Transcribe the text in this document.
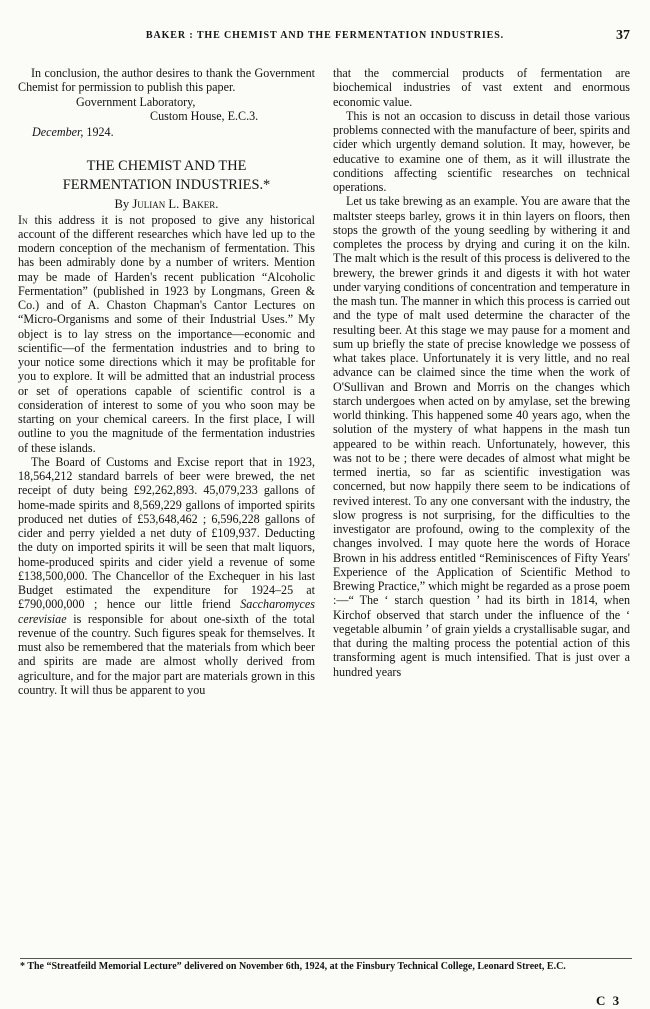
BAKER : THE CHEMIST AND THE FERMENTATION INDUSTRIES.	37

In conclusion, the author desires to thank the Government Chemist for permission to publish this paper.

Government Laboratory,
Custom House, E.C.3.
December, 1924.
THE CHEMIST AND THE
FERMENTATION INDUSTRIES.*
By Julian L. Baker.

In this address it is not proposed to give any historical account of the different researches which have led up to the modern conception of the mechanism of fermentation. This has been admirably done by a number of writers. Mention may be made of Harden's recent publication “Alcoholic Fermentation” (published in 1923 by Longmans, Green & Co.) and of A. Chaston Chapman's Cantor Lectures on “Micro-Organisms and some of their Industrial Uses.” My object is to lay stress on the importance—economic and scientific—of the fermentation industries and to bring to your notice some directions which it may be profitable for you to explore. It will be admitted that an industrial process or set of operations capable of scientific control is a consideration of interest to some of you who soon may be starting on your chemical careers. In the first place, I will outline to you the magnitude of the fermentation industries of these islands.

The Board of Customs and Excise report that in 1923, 18,564,212 standard barrels of beer were brewed, the net receipt of duty being £92,262,893. 45,079,233 gallons of home-made spirits and 8,569,229 gallons of imported spirits produced net duties of £53,648,462 ; 6,596,228 gallons of cider and perry yielded a net duty of £109,937. Deducting the duty on imported spirits it will be seen that malt liquors, home-produced spirits and cider yield a revenue of some £138,500,000. The Chancellor of the Exchequer in his last Budget estimated the expenditure for 1924–25 at £790,000,000 ; hence our little friend Saccharomyces cerevisiae is responsible for about one-sixth of the total revenue of the country. Such figures speak for themselves. It must also be remembered that the materials from which beer and spirits are made are almost wholly derived from agriculture, and for the major part are materials grown in this country. It will thus be apparent to you

that the commercial products of fermentation are biochemical industries of vast extent and enormous economic value.

This is not an occasion to discuss in detail those various problems connected with the manufacture of beer, spirits and cider which urgently demand solution. It may, however, be educative to examine one of them, as it will illustrate the conditions affecting scientific researches on technical operations.

Let us take brewing as an example. You are aware that the maltster steeps barley, grows it in thin layers on floors, then stops the growth of the young seedling by withering it and completes the process by drying and curing it on the kiln. The malt which is the result of this process is delivered to the brewery, the brewer grinds it and digests it with hot water under varying conditions of concentration and temperature in the mash tun. The manner in which this process is carried out and the type of malt used determine the character of the resulting beer. At this stage we may pause for a moment and sum up briefly the state of precise knowledge we possess of what takes place. Unfortunately it is very little, and no real advance can be claimed since the time when the work of O'Sullivan and Brown and Morris on the changes which starch undergoes when acted on by amylase, set the brewing world thinking. This happened some 40 years ago, when the solution of the mystery of what happens in the mash tun appeared to be within reach. Unfortunately, however, this was not to be ; there were decades of almost what might be termed inertia, so far as scientific investigation was concerned, but now happily there seem to be indications of revived interest. To any one conversant with the industry, the slow progress is not surprising, for the difficulties to the investigator are profound, owing to the complexity of the changes involved. I may quote here the words of Horace Brown in his address entitled “Reminiscences of Fifty Years' Experience of the Application of Scientific Method to Brewing Practice,” which might be regarded as a prose poem :—“ The ‘ starch question ’ had its birth in 1814, when Kirchof observed that starch under the influence of the ‘ vegetable albumin ’ of grain yields a crystallisable sugar, and that during the malting process the potential action of this transforming agent is much intensified. That is just over a hundred years

* The “Streatfeild Memorial Lecture” delivered on November 6th, 1924, at the Finsbury Technical College, Leonard Street, E.C.
C 3
